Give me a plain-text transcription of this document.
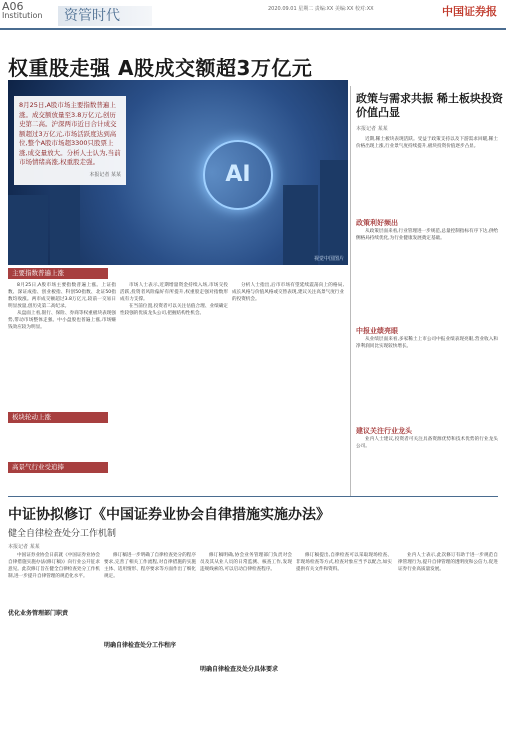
A06
Institution	资管时代	2020.09.01 星期二 责编:XX 美编:XX 校对:XX	中国证券报
权重股走强 A股成交额超3万亿元
AI
视觉中国图片
8月25日,A股市场主要指数普遍上涨。成交额放量至3.8万亿元,创历史第二高。沪深两市近日合计成交额超过3万亿元,市场活跃度达到高位,整个A股市场超3300只股票上涨,成交量放大。分析人士认为,当前市场情绪高涨,权重股走强。
本报记者 某某
主要指数普遍上涨

8月25日,A股市场主要指数普遍上涨。上证指数、深证成指、创业板指、科创50指数、北证50指数均收涨。两市成交额超过3.8万亿元,较前一交易日明显放量,创历史第二高纪录。

从盘面上看,银行、保险、券商等权重板块表现强势,带动市场整体走强。中小盘股也普遍上涨,市场赚钱效应较为明显。

市场人士表示,近期增量资金持续入场,市场交投活跃,投资者风险偏好有所提升,权重股走强对指数形成有力支撑。

在当前位置,投资者可以关注估值合理、业绩确定性较强的优质龙头公司,把握结构性机会。

分析人士指出,后市市场有望延续震荡向上的格局,成长风格与价值风格或交替表现,建议关注高景气度行业的投资机会。

板块轮动上涨
高景气行业受追捧
政策与需求共振 稀土板块投资价值凸显
本报记者 某某

近期,稀土板块表现活跃。受益于政策支持以及下游需求回暖,稀土价格出现上涨,行业景气度持续提升,板块投资价值逐步凸显。

政策利好频出

从政策层面来看,行业管理进一步规范,总量控制指标有序下达,供给侧格局持续优化,为行业健康发展奠定基础。

中报业绩亮眼

从业绩层面来看,多家稀土上市公司中报业绩表现亮眼,营业收入和净利润同比实现较快增长。

建议关注行业龙头

业内人士建议,投资者可关注具备资源优势和技术优势的行业龙头公司。

中证协拟修订《中国证券业协会自律措施实施办法》
健全自律检查处分工作机制
本报记者 某某

中国证券业协会日前就《中国证券业协会自律措施实施办法(修订稿)》向行业公开征求意见。此次修订旨在健全自律检查处分工作机制,进一步提升自律管理的规范化水平。

优化业务管理部门职责

修订稿进一步明确了自律检查处分的程序要求,完善了相关工作流程,对自律措施的实施主体、适用情形、程序要求等方面作出了细化规定。

明确自律检查处分工作程序

修订稿明确,协会业务管理部门负责对会员及其从业人员的日常监测、核查工作,发现违规线索的,可以启动自律检查程序。

明确自律检查及处分具体要求

修订稿提出,自律检查可以采取现场检查、非现场检查等方式,检查对象应当予以配合,如实提供有关文件和资料。

业内人士表示,此次修订有助于进一步规范自律管理行为,提升自律管理的透明度和公信力,促进证券行业高质量发展。
